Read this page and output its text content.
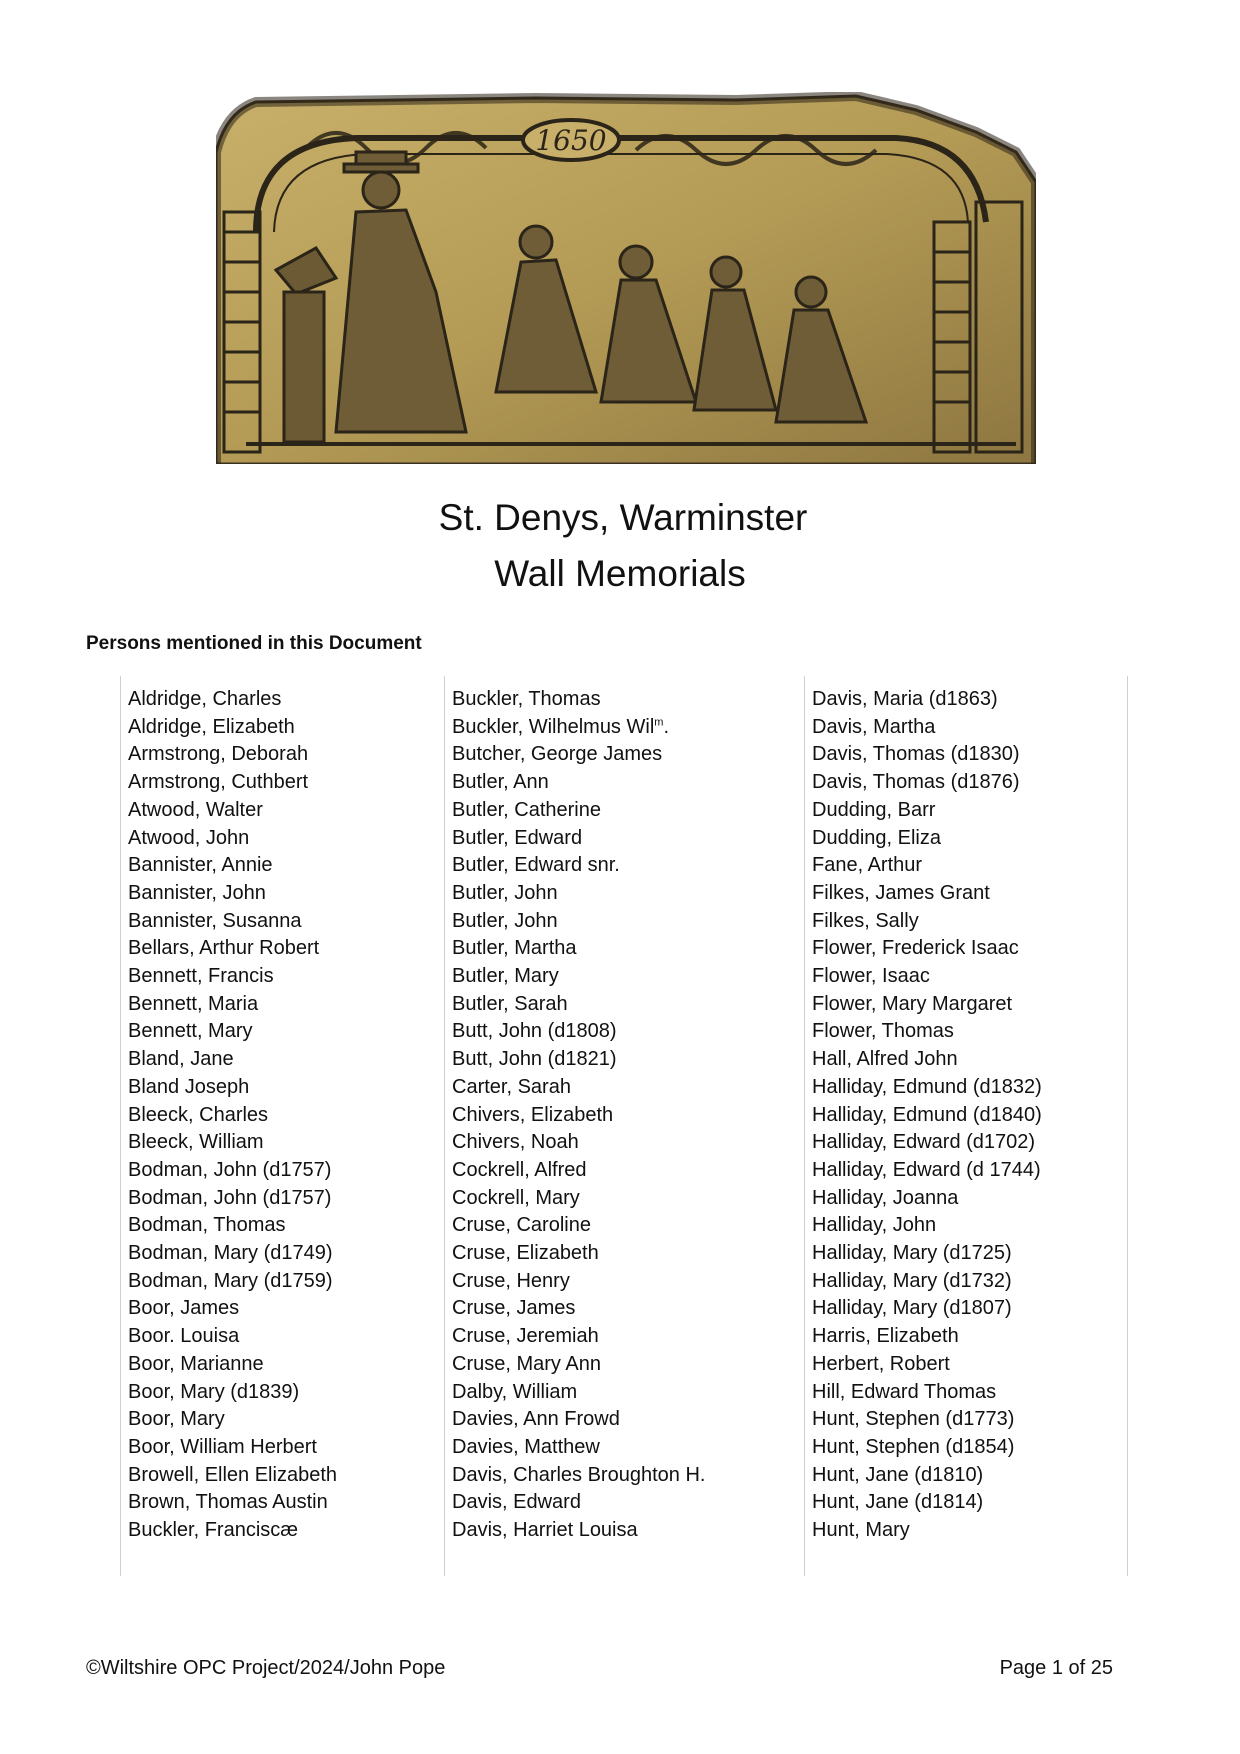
1650
St. Denys, Warminster
Wall Memorials
Persons mentioned in this Document
Aldridge, Charles
Aldridge, Elizabeth
Armstrong, Deborah
Armstrong, Cuthbert
Atwood, Walter
Atwood, John
Bannister, Annie
Bannister, John
Bannister, Susanna
Bellars, Arthur Robert
Bennett, Francis
Bennett, Maria
Bennett, Mary
Bland, Jane
Bland Joseph
Bleeck, Charles
Bleeck, William
Bodman, John (d1757)
Bodman, John (d1757)
Bodman, Thomas
Bodman, Mary (d1749)
Bodman, Mary (d1759)
Boor, James
Boor. Louisa
Boor, Marianne
Boor, Mary (d1839)
Boor, Mary
Boor, William Herbert
Browell, Ellen Elizabeth
Brown, Thomas Austin
Buckler, Franciscæ
Buckler, Thomas
Buckler, Wilhelmus Wil$^m$.
Butcher, George James
Butler, Ann
Butler, Catherine
Butler, Edward
Butler, Edward snr.
Butler, John
Butler, John
Butler, Martha
Butler, Mary
Butler, Sarah
Butt, John (d1808)
Butt, John (d1821)
Carter, Sarah
Chivers, Elizabeth
Chivers, Noah
Cockrell, Alfred
Cockrell, Mary
Cruse, Caroline
Cruse, Elizabeth
Cruse, Henry
Cruse, James
Cruse, Jeremiah
Cruse, Mary Ann
Dalby, William
Davies, Ann Frowd
Davies, Matthew
Davis, Charles Broughton H.
Davis, Edward
Davis, Harriet Louisa
Davis, Maria (d1863)
Davis, Martha
Davis, Thomas (d1830)
Davis, Thomas (d1876)
Dudding, Barr
Dudding, Eliza
Fane, Arthur
Filkes, James Grant
Filkes, Sally
Flower, Frederick Isaac
Flower, Isaac
Flower, Mary Margaret
Flower, Thomas
Hall, Alfred John
Halliday, Edmund (d1832)
Halliday, Edmund (d1840)
Halliday, Edward (d1702)
Halliday, Edward (d 1744)
Halliday, Joanna
Halliday, John
Halliday, Mary (d1725)
Halliday, Mary (d1732)
Halliday, Mary (d1807)
Harris, Elizabeth
Herbert, Robert
Hill, Edward Thomas
Hunt, Stephen (d1773)
Hunt, Stephen (d1854)
Hunt, Jane (d1810)
Hunt, Jane (d1814)
Hunt, Mary
©Wiltshire OPC Project/2024/John Pope	Page 1 of 25
